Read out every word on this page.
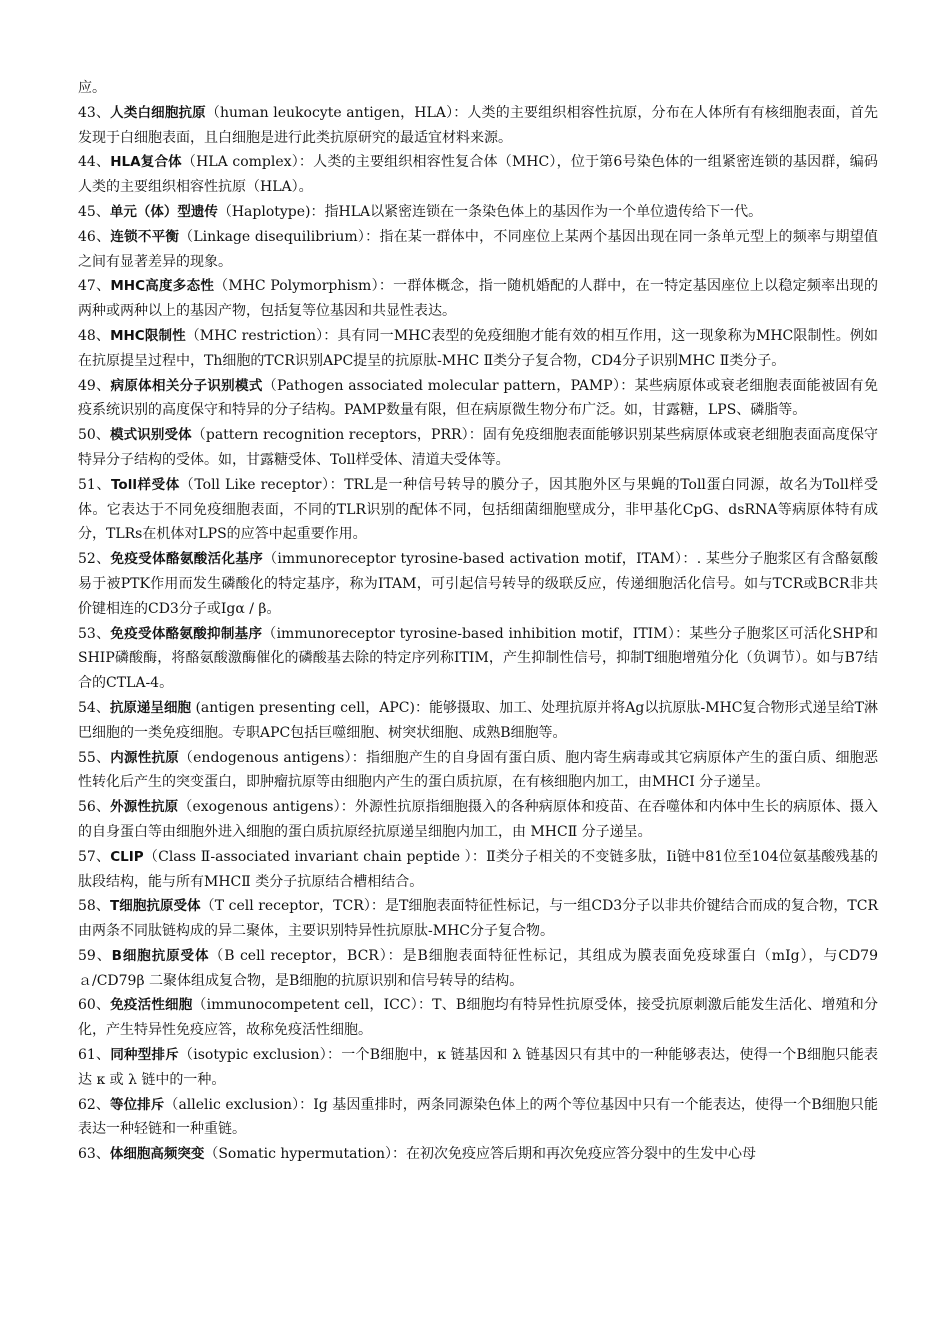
应。

43、人类白细胞抗原（human leukocyte antigen，HLA）：人类的主要组织相容性抗原，分布在人体所有有核细胞表面，首先发现于白细胞表面，且白细胞是进行此类抗原研究的最适宜材料来源。

44、HLA复合体（HLA complex）：人类的主要组织相容性复合体（MHC），位于第6号染色体的一组紧密连锁的基因群，编码人类的主要组织相容性抗原（HLA）。

45、单元（体）型遗传（Haplotype)：指HLA以紧密连锁在一条染色体上的基因作为一个单位遗传给下一代。

46、连锁不平衡（Linkage disequilibrium）：指在某一群体中，不同座位上某两个基因出现在同一条单元型上的频率与期望值之间有显著差异的现象。

47、MHC高度多态性（MHC Polymorphism）：一群体概念，指一随机婚配的人群中，在一特定基因座位上以稳定频率出现的两种或两种以上的基因产物，包括复等位基因和共显性表达。

48、MHC限制性（MHC restriction）：具有同一MHC表型的免疫细胞才能有效的相互作用，这一现象称为MHC限制性。例如在抗原提呈过程中，Th细胞的TCR识别APC提呈的抗原肽-MHC Ⅱ类分子复合物，CD4分子识别MHC Ⅱ类分子。

49、病原体相关分子识别模式（Pathogen associated molecular pattern，PAMP）：某些病原体或衰老细胞表面能被固有免疫系统识别的高度保守和特异的分子结构。PAMP数量有限，但在病原微生物分布广泛。如，甘露糖，LPS、磷脂等。

50、模式识别受体（pattern recognition receptors，PRR）：固有免疫细胞表面能够识别某些病原体或衰老细胞表面高度保守特异分子结构的受体。如，甘露糖受体、Toll样受体、清道夫受体等。

51、Toll样受体（Toll Like receptor）：TRL是一种信号转导的膜分子，因其胞外区与果蝇的Toll蛋白同源，故名为Toll样受体。它表达于不同免疫细胞表面，不同的TLR识别的配体不同，包括细菌细胞壁成分，非甲基化CpG、dsRNA等病原体特有成分，TLRs在机体对LPS的应答中起重要作用。

52、免疫受体酪氨酸活化基序（immunoreceptor tyrosine-based activation motif，ITAM）：. 某些分子胞浆区有含酪氨酸易于被PTK作用而发生磷酸化的特定基序，称为ITAM，可引起信号转导的级联反应，传递细胞活化信号。如与TCR或BCR非共价键相连的CD3分子或Igα / β。

53、免疫受体酪氨酸抑制基序（immunoreceptor tyrosine-based inhibition motif，ITIM）：某些分子胞浆区可活化SHP和SHIP磷酸酶，将酪氨酸激酶催化的磷酸基去除的特定序列称ITIM，产生抑制性信号，抑制T细胞增殖分化（负调节）。如与B7结合的CTLA-4。

54、抗原递呈细胞 (antigen presenting cell，APC)：能够摄取、加工、处理抗原并将Ag以抗原肽-MHC复合物形式递呈给T淋巴细胞的一类免疫细胞。专职APC包括巨噬细胞、树突状细胞、成熟B细胞等。

55、内源性抗原（endogenous antigens）：指细胞产生的自身固有蛋白质、胞内寄生病毒或其它病原体产生的蛋白质、细胞恶性转化后产生的突变蛋白，即肿瘤抗原等由细胞内产生的蛋白质抗原，在有核细胞内加工，由MHCⅠ 分子递呈。

56、外源性抗原（exogenous antigens）：外源性抗原指细胞摄入的各种病原体和疫苗、在吞噬体和内体中生长的病原体、摄入的自身蛋白等由细胞外进入细胞的蛋白质抗原经抗原递呈细胞内加工，由 MHCⅡ 分子递呈。

57、CLIP（Class Ⅱ-associated invariant chain peptide ）：Ⅱ类分子相关的不变链多肽，Ⅰi链中81位至104位氨基酸残基的肽段结构，能与所有MHCⅡ 类分子抗原结合槽相结合。

58、T细胞抗原受体（T cell receptor，TCR）：是T细胞表面特征性标记，与一组CD3分子以非共价键结合而成的复合物，TCR由两条不同肽链构成的异二聚体，主要识别特异性抗原肽-MHC分子复合物。

59、B细胞抗原受体（B cell receptor，BCR）：是B细胞表面特征性标记，其组成为膜表面免疫球蛋白（mIg），与CD79ａ/CD79β 二聚体组成复合物，是B细胞的抗原识别和信号转导的结构。

60、免疫活性细胞（immunocompetent cell，ICC）：T、B细胞均有特异性抗原受体，接受抗原刺激后能发生活化、增殖和分化，产生特异性免疫应答，故称免疫活性细胞。

61、同种型排斥（isotypic exclusion）：一个B细胞中，κ 链基因和 λ 链基因只有其中的一种能够表达，使得一个B细胞只能表达 κ 或 λ 链中的一种。

62、等位排斥（allelic exclusion）：Ig 基因重排时，两条同源染色体上的两个等位基因中只有一个能表达，使得一个B细胞只能表达一种轻链和一种重链。

63、体细胞高频突变（Somatic hypermutation）：在初次免疫应答后期和再次免疫应答分裂中的生发中心母
